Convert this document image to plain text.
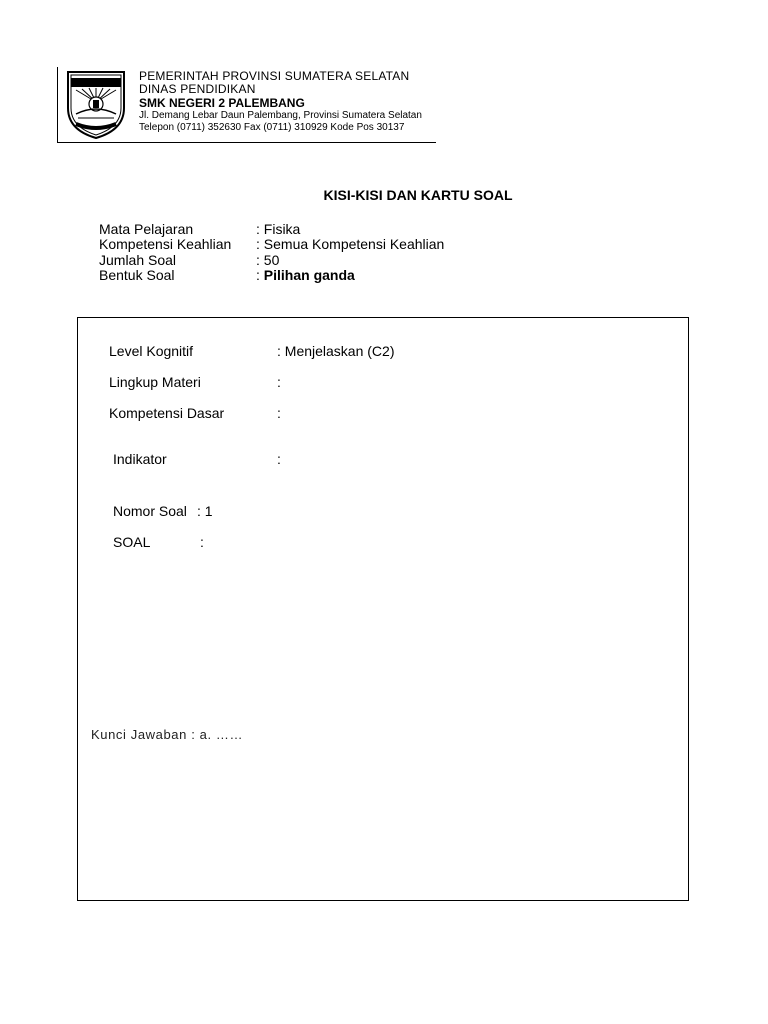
PEMERINTAH PROVINSI SUMATERA SELATAN
DINAS PENDIDIKAN
SMK NEGERI 2 PALEMBANG
Jl. Demang Lebar Daun Palembang, Provinsi Sumatera Selatan
Telepon (0711) 352630 Fax (0711) 310929 Kode Pos 30137
KISI-KISI DAN KARTU SOAL
Mata Pelajaran	: Fisika
Kompetensi Keahlian : Semua Kompetensi Keahlian
Jumlah Soal	: 50
Bentuk Soal	: Pilihan ganda
Level Kognitif	: Menjelaskan (C2)
Lingkup Materi	:
Kompetensi Dasar	:
Indikator	:
Nomor Soal : 1
SOAL	:
Kunci Jawaban : a. ……
